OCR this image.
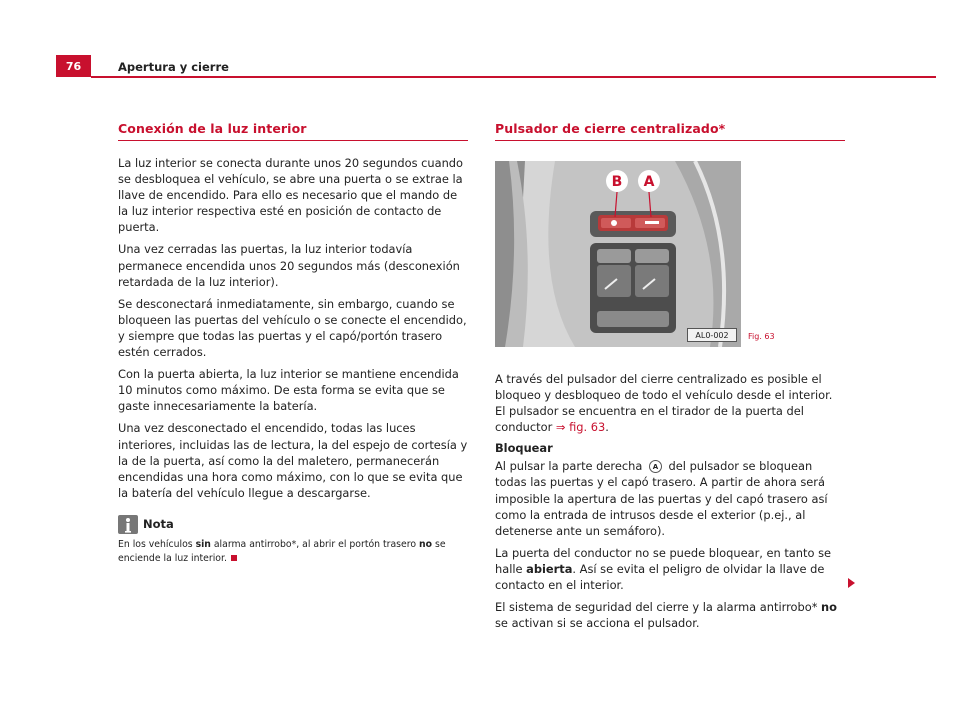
76	Apertura y cierre
Conexión de la luz interior

La luz interior se conecta durante unos 20 segundos cuando se desbloquea el vehículo, se abre una puerta o se extrae la llave de encendido. Para ello es necesario que el mando de la luz interior respectiva esté en posición de contacto de puerta.

Una vez cerradas las puertas, la luz interior todavía permanece encendida unos 20 segundos más (desconexión retardada de la luz interior).

Se desconectará inmediatamente, sin embargo, cuando se bloqueen las puertas del vehículo o se conecte el encendido, y siempre que todas las puertas y el capó/portón trasero estén cerrados.

Con la puerta abierta, la luz interior se mantiene encendida 10 minutos como máximo. De esta forma se evita que se gaste innecesariamente la batería.

Una vez desconectado el encendido, todas las luces interiores, incluidas las de lectura, la del espejo de cortesía y la de la puerta, así como la del maletero, permanecerán encendidas una hora como máximo, con lo que se evita que la batería del vehículo llegue a descargarse.

Nota

En los vehículos sin alarma antirrobo*, al abrir el portón trasero no se enciende la luz interior.

Pulsador de cierre centralizado*
B A
AL0-002	Fig. 63

A través del pulsador del cierre centralizado es posible el bloqueo y desbloqueo de todo el vehículo desde el interior. El pulsador se encuentra en el tirador de la puerta del conductor ⇒ fig. 63.

Bloquear

Al pulsar la parte derecha A del pulsador se bloquean todas las puertas y el capó trasero. A partir de ahora será imposible la apertura de las puertas y del capó trasero así como la entrada de intrusos desde el exterior (p.ej., al detenerse ante un semáforo).

La puerta del conductor no se puede bloquear, en tanto se halle abierta. Así se evita el peligro de olvidar la llave de contacto en el interior.

El sistema de seguridad del cierre y la alarma antirrobo* no se activan si se acciona el pulsador.
